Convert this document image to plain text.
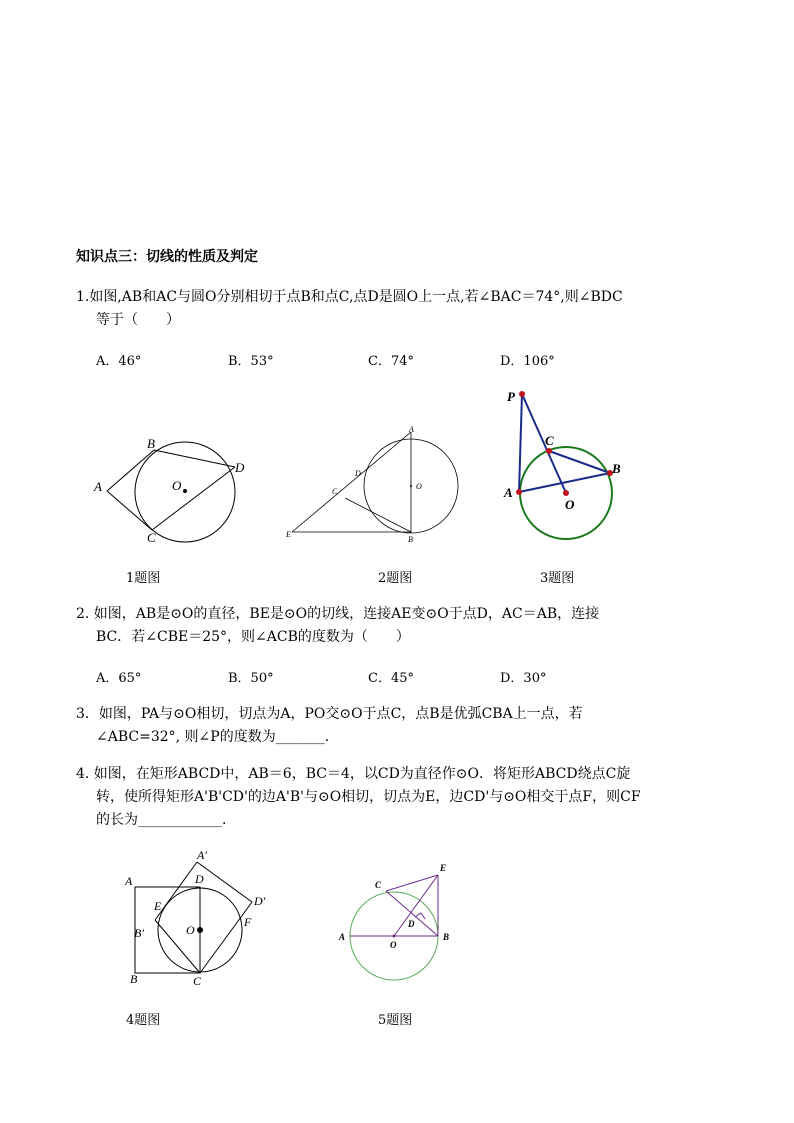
知识点三：切线的性质及判定
1.如图,AB和AC与圆O分别相切于点B和点C,点D是圆O上一点,若∠BAC＝74°,则∠BDC
等于（　　）
A．46°	B．53°	C．74°	D．106°
A
B
C
D
O
A
B
C
D
E
O
P
C
B
A
O
1题图	2题图	3题图
2. 如图，AB是⊙O的直径，BE是⊙O的切线，连接AE变⊙O于点D，AC＝AB，连接
BC．若∠CBE＝25°，则∠ACB的度数为（　　）
A．65°	B．50°	C．45°	D．30°
3．如图，PA与⊙O相切，切点为A，PO交⊙O于点C，点B是优弧CBA上一点，若
∠ABC=32°, 则∠P的度数为_______.
4. 如图，在矩形ABCD中，AB＝6，BC＝4，以CD为直径作⊙O．将矩形ABCD绕点C旋
转，使所得矩形A'B'CD'的边A'B'与⊙O相切，切点为E，边CD'与⊙O相交于点F，则CF
的长为____________.
A
A′
D
D′
E
B′	O
F
B	C
E
C
D
A
O
B
4题图	5题图
